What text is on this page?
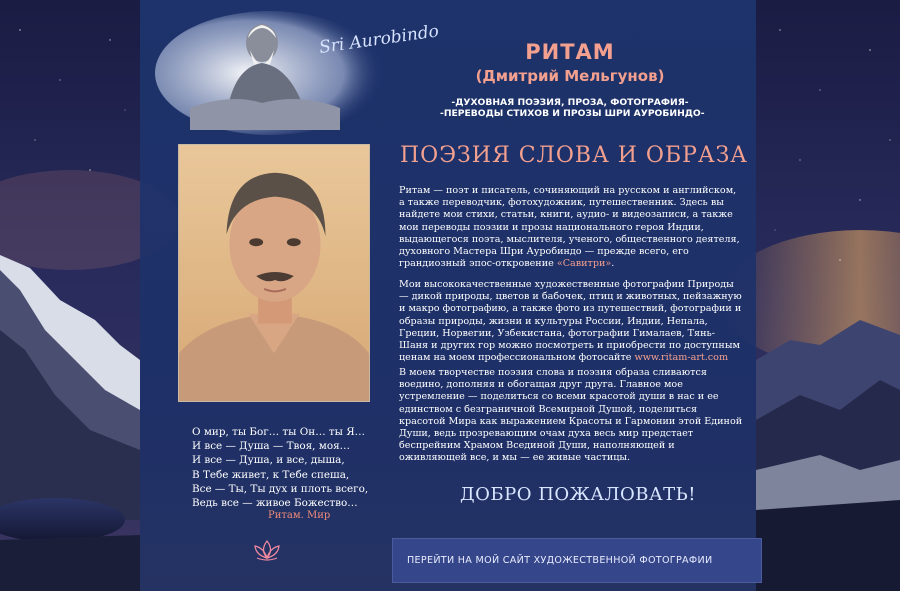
Sri Aurobindo	РИТАМ

(Дмитрий Мельгунов)

-ДУХОВНАЯ ПОЭЗИЯ, ПРОЗА, ФОТОГРАФИЯ-

-ПЕРЕВОДЫ СТИХОВ И ПРОЗЫ ШРИ АУРОБИНДО-

О мир, ты Бог… ты Он… ты Я…
И все — Душа — Твоя, моя…
И все — Душа, и все, дыша,
В Тебе живет, к Тебе спеша,
Все — Ты, Ты дух и плоть всего,
Ведь все — живое Божество…
Ритам. Мир
ПОЭЗИЯ СЛОВА И ОБРАЗА

Ритам — поэт и писатель, сочиняющий на русском и английском, а также переводчик, фотохудожник, путешественник. Здесь вы найдете мои стихи, статьи, книги, аудио- и видеозаписи, а также мои переводы поэзии и прозы национального героя Индии, выдающегося поэта, мыслителя, ученого, общественного деятеля, духовного Мастера Шри Ауробиндо — прежде всего, его грандиозный эпос-откровение «Савитри».

Мои высококачественные художественные фотографии Природы — дикой природы, цветов и бабочек, птиц и животных, пейзажную и макро фотографию, а также фото из путешествий, фотографии и образы природы, жизни и культуры России, Индии, Непала, Греции, Норвегии, Узбекистана, фотографии Гималаев, Тянь-Шаня и других гор можно посмотреть и приобрести по доступным ценам на моем профессиональном фотосайте www.ritam-art.com

В моем творчестве поэзия слова и поэзия образа сливаются воедино, дополняя и обогащая друг друга. Главное мое устремление — поделиться со всеми красотой души в нас и ее единством с безграничной Всемирной Душой, поделиться красотой Мира как выражением Красоты и Гармонии этой Единой Души, ведь прозревающим очам духа весь мир предстает беспрейним Храмом Всединой Души, наполняющей и оживляющей все, и мы — ее живые частицы.

ДОБРО ПОЖАЛОВАТЬ!
ПЕРЕЙТИ НА МОЙ САЙТ ХУДОЖЕСТВЕННОЙ ФОТОГРАФИИ
